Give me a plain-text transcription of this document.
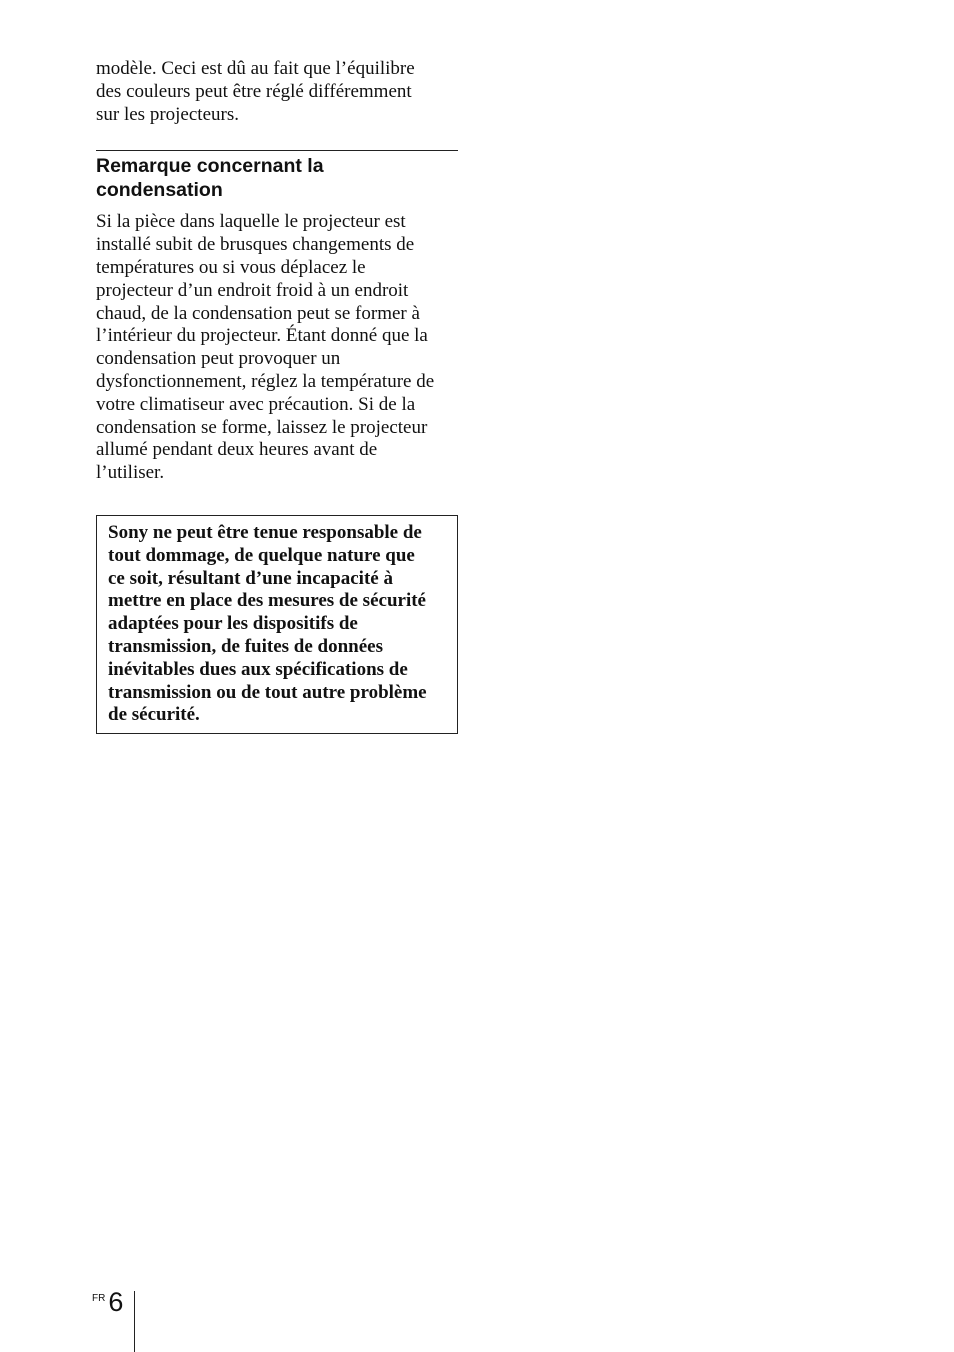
modèle. Ceci est dû au fait que l’équilibre
des couleurs peut être réglé différemment
sur les projecteurs.

Remarque concernant la
condensation

Si la pièce dans laquelle le projecteur est
installé subit de brusques changements de
températures ou si vous déplacez le
projecteur d’un endroit froid à un endroit
chaud, de la condensation peut se former à
l’intérieur du projecteur. Étant donné que la
condensation peut provoquer un
dysfonctionnement, réglez la température de
votre climatiseur avec précaution. Si de la
condensation se forme, laissez le projecteur
allumé pendant deux heures avant de
l’utiliser.

Sony ne peut être tenue responsable de
tout dommage, de quelque nature que
ce soit, résultant d’une incapacité à
mettre en place des mesures de sécurité
adaptées pour les dispositifs de
transmission, de fuites de données
inévitables dues aux spécifications de
transmission ou de tout autre problème
de sécurité.
FR 6
